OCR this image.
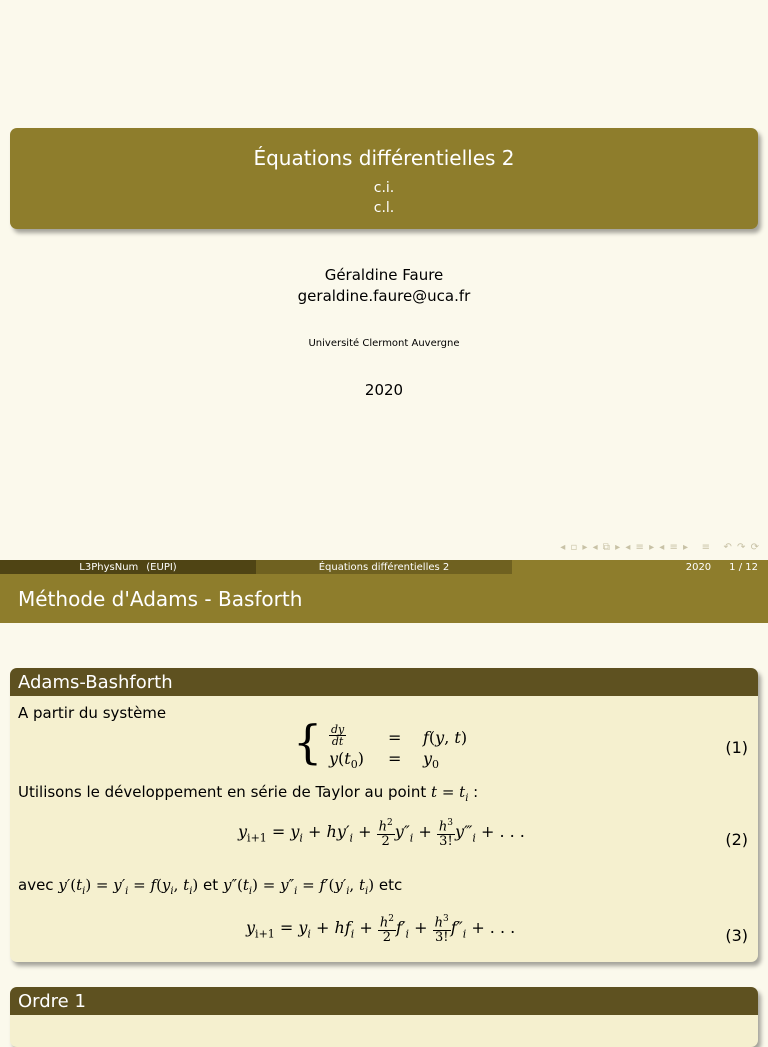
Équations différentielles 2
c.i.
c.l.
Géraldine Faure
geraldine.faure@uca.fr
Université Clermont Auvergne
2020
◂ ▫ ▸ ◂ ⧉ ▸ ◂ ≡ ▸ ◂ ≡ ▸   ≡   ↶ ↷ ⟳
L3PhysNum (EUPI)	Équations différentielles 2	2020 1 / 12
Méthode d'Adams - Basforth
Adams-Bashforth
A partir du système
{ $\frac{dy}{dt}$	= f(y, t)
$y(t_0) = y_0$
(1)
Utilisons le développement en série de Taylor au point $t = t_i$ :
$y_{i+1} = y_i + hy'_i + \frac{h^2}{2} y''_i + \frac{h^3}{3!}$ $y‴_i$ + . . .	(2)
avec $y'(t_i) = y'_i = f(y_i$, $t_i$) et $y''(t_i) = y''_i = f'(y'_i$, $t_i$) etc
$y_{i+1} = y_i + hf_i + \frac{h^2}{2} f'_i + \frac{h^3}{3!} f''_i$ + . . .	(3)
Ordre 1
